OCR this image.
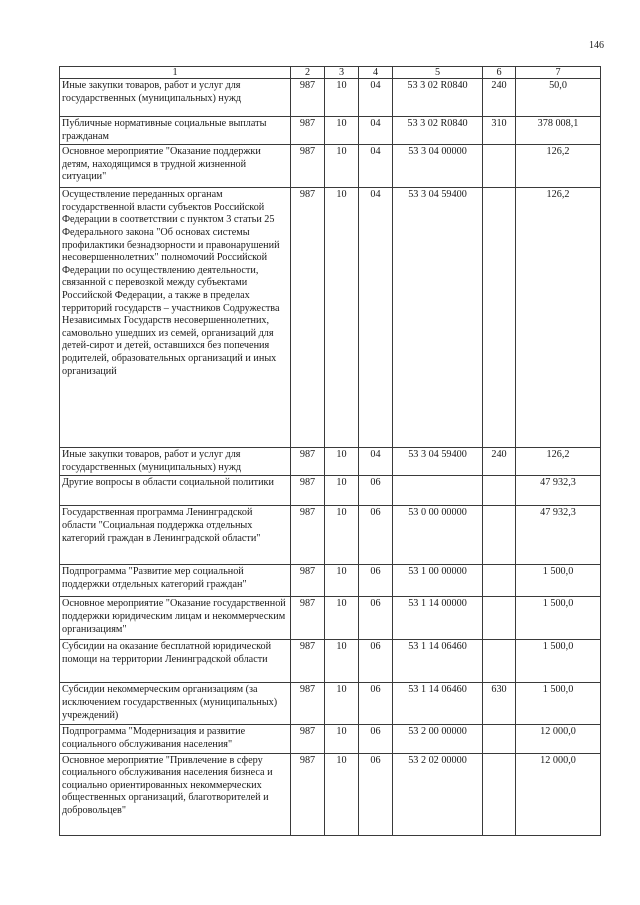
146
1	2	3	4	5	6	7
Иные закупки товаров, работ и услуг для государственных (муниципальных) нужд	987	10	04	53 3 02 R0840	240	50,0
Публичные нормативные социальные выплаты гражданам	987	10	04	53 3 02 R0840	310	378 008,1
Основное мероприятие "Оказание поддержки детям, находящимся в трудной жизненной ситуации"	987	10	04	53 3 04 00000		126,2
Осуществление переданных органам государственной власти субъектов Российской Федерации в соответствии с пунктом 3 статьи 25 Федерального закона "Об основах системы профилактики безнадзорности и правонарушений несовершеннолетних" полномочий Российской Федерации по осуществлению деятельности, связанной с перевозкой между субъектами Российской Федерации, а также в пределах территорий государств – участников Содружества Независимых Государств несовершеннолетних, самовольно ушедших из семей, организаций для детей-сирот и детей, оставшихся без попечения родителей, образовательных организаций и иных организаций	987	10	04	53 3 04 59400		126,2
Иные закупки товаров, работ и услуг для государственных (муниципальных) нужд	987	10	04	53 3 04 59400	240	126,2
Другие вопросы в области социальной политики	987	10	06			47 932,3
Государственная программа Ленинградской области "Социальная поддержка отдельных категорий граждан в Ленинградской области"	987	10	06	53 0 00 00000		47 932,3
Подпрограмма "Развитие мер социальной поддержки отдельных категорий граждан"	987	10	06	53 1 00 00000		1 500,0
Основное мероприятие "Оказание государственной поддержки юридическим лицам и некоммерческим организациям"	987	10	06	53 1 14 00000		1 500,0
Субсидии на оказание бесплатной юридической помощи на территории Ленинградской области	987	10	06	53 1 14 06460		1 500,0
Субсидии некоммерческим организациям (за исключением государственных (муниципальных) учреждений)	987	10	06	53 1 14 06460	630	1 500,0
Подпрограмма "Модернизация и развитие социального обслуживания населения"	987	10	06	53 2 00 00000		12 000,0
Основное мероприятие "Привлечение в сферу социального обслуживания населения бизнеса и социально ориентированных некоммерческих общественных организаций, благотворителей и добровольцев"	987	10	06	53 2 02 00000		12 000,0
